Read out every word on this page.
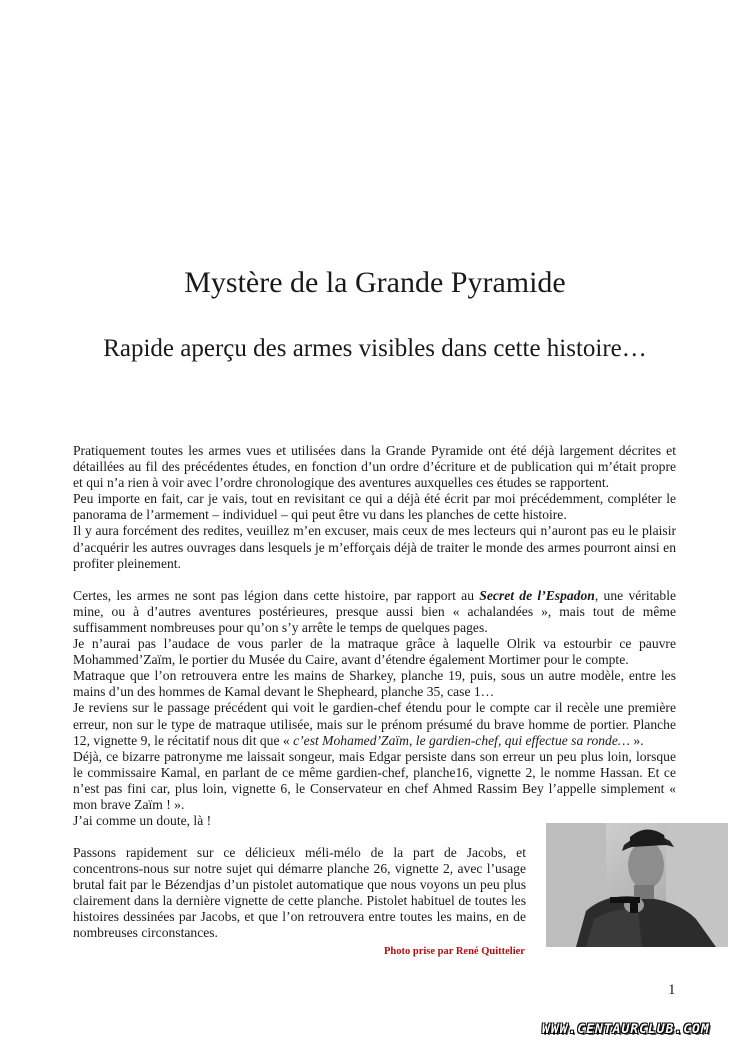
Mystère de la Grande Pyramide
Rapide aperçu des armes visibles dans cette histoire…

Pratiquement toutes les armes vues et utilisées dans la Grande Pyramide ont été déjà largement décrites et détaillées au fil des précédentes études, en fonction d’un ordre d’écriture et de publication qui m’était propre et qui n’a rien à voir avec l’ordre chronologique des aventures auxquelles ces études se rapportent.

Peu importe en fait, car je vais, tout en revisitant ce qui a déjà été écrit par moi précédemment, compléter le panorama de l’armement – individuel – qui peut être vu dans les planches de cette histoire.

Il y aura forcément des redites, veuillez m’en excuser, mais ceux de mes lecteurs qui n’auront pas eu le plaisir d’acquérir les autres ouvrages dans lesquels je m’efforçais déjà de traiter le monde des armes pourront ainsi en profiter pleinement.

Certes, les armes ne sont pas légion dans cette histoire, par rapport au Secret de l’Espadon, une véritable mine, ou à d’autres aventures postérieures, presque aussi bien « achalandées », mais tout de même suffisamment nombreuses pour qu’on s’y arrête le temps de quelques pages.

Je n’aurai pas l’audace de vous parler de la matraque grâce à laquelle Olrik va estourbir ce pauvre Mohammed’Zaïm, le portier du Musée du Caire, avant d’étendre également Mortimer pour le compte.

Matraque que l’on retrouvera entre les mains de Sharkey, planche 19, puis, sous un autre modèle, entre les mains d’un des hommes de Kamal devant le Shepheard, planche 35, case 1…

Je reviens sur le passage précédent qui voit le gardien-chef étendu pour le compte car il recèle une première erreur, non sur le type de matraque utilisée, mais sur le prénom présumé du brave homme de portier. Planche 12, vignette 9, le récitatif nous dit que « c’est Mohamed’Zaïm, le gardien-chef, qui effectue sa ronde… ».

Déjà, ce bizarre patronyme me laissait songeur, mais Edgar persiste dans son erreur un peu plus loin, lorsque le commissaire Kamal, en parlant de ce même gardien-chef, planche16, vignette 2, le nomme Hassan. Et ce n’est pas fini car, plus loin, vignette 6, le Conservateur en chef Ahmed Rassim Bey l’appelle simplement « mon brave Zaïm ! ».

J’ai comme un doute, là !

Passons rapidement sur ce délicieux méli-mélo de la part de Jacobs, et concentrons-nous sur notre sujet qui démarre planche 26, vignette 2, avec l’usage brutal fait par le Bézendjas d’un pistolet automatique que nous voyons un peu plus clairement dans la dernière vignette de cette planche. Pistolet habituel de toutes les histoires dessinées par Jacobs, et que l’on retrouvera entre toutes les mains, en de nombreuses circonstances.

Photo prise par René Quittelier
1
WWW.CENTAURCLUB.COM
